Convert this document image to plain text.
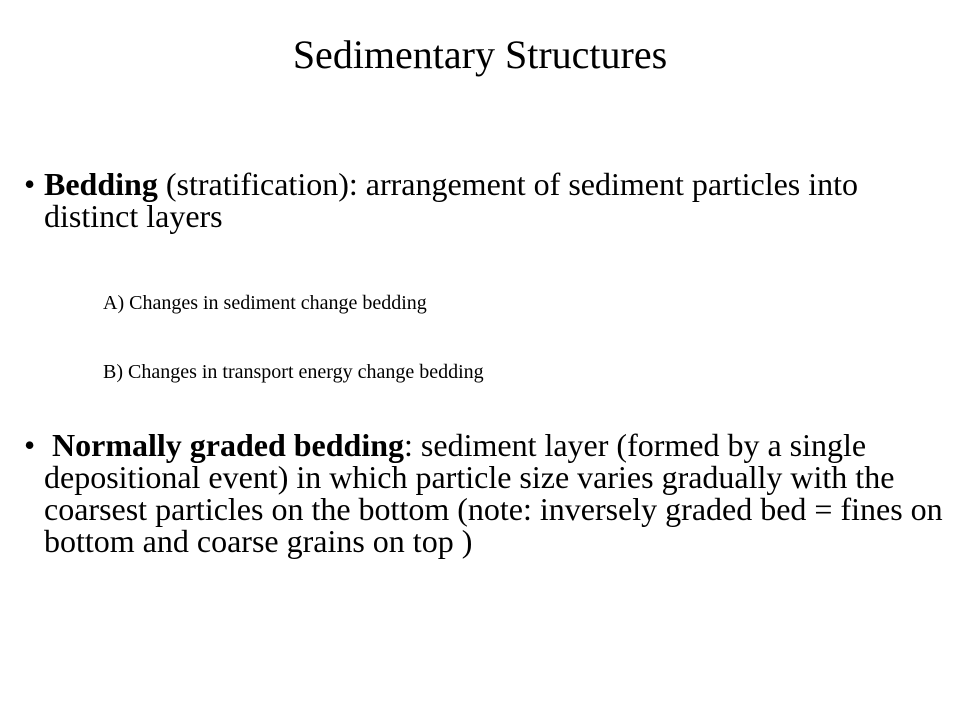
Sedimentary Structures
• Bedding (stratification): arrangement of sediment particles into distinct layers
A) Changes in sediment change bedding
B) Changes in transport energy change bedding
• Normally graded bedding: sediment layer (formed by a single  depositional event) in which particle size varies gradually with the coarsest particles on the bottom (note: inversely graded bed = fines on bottom and coarse grains on top )
